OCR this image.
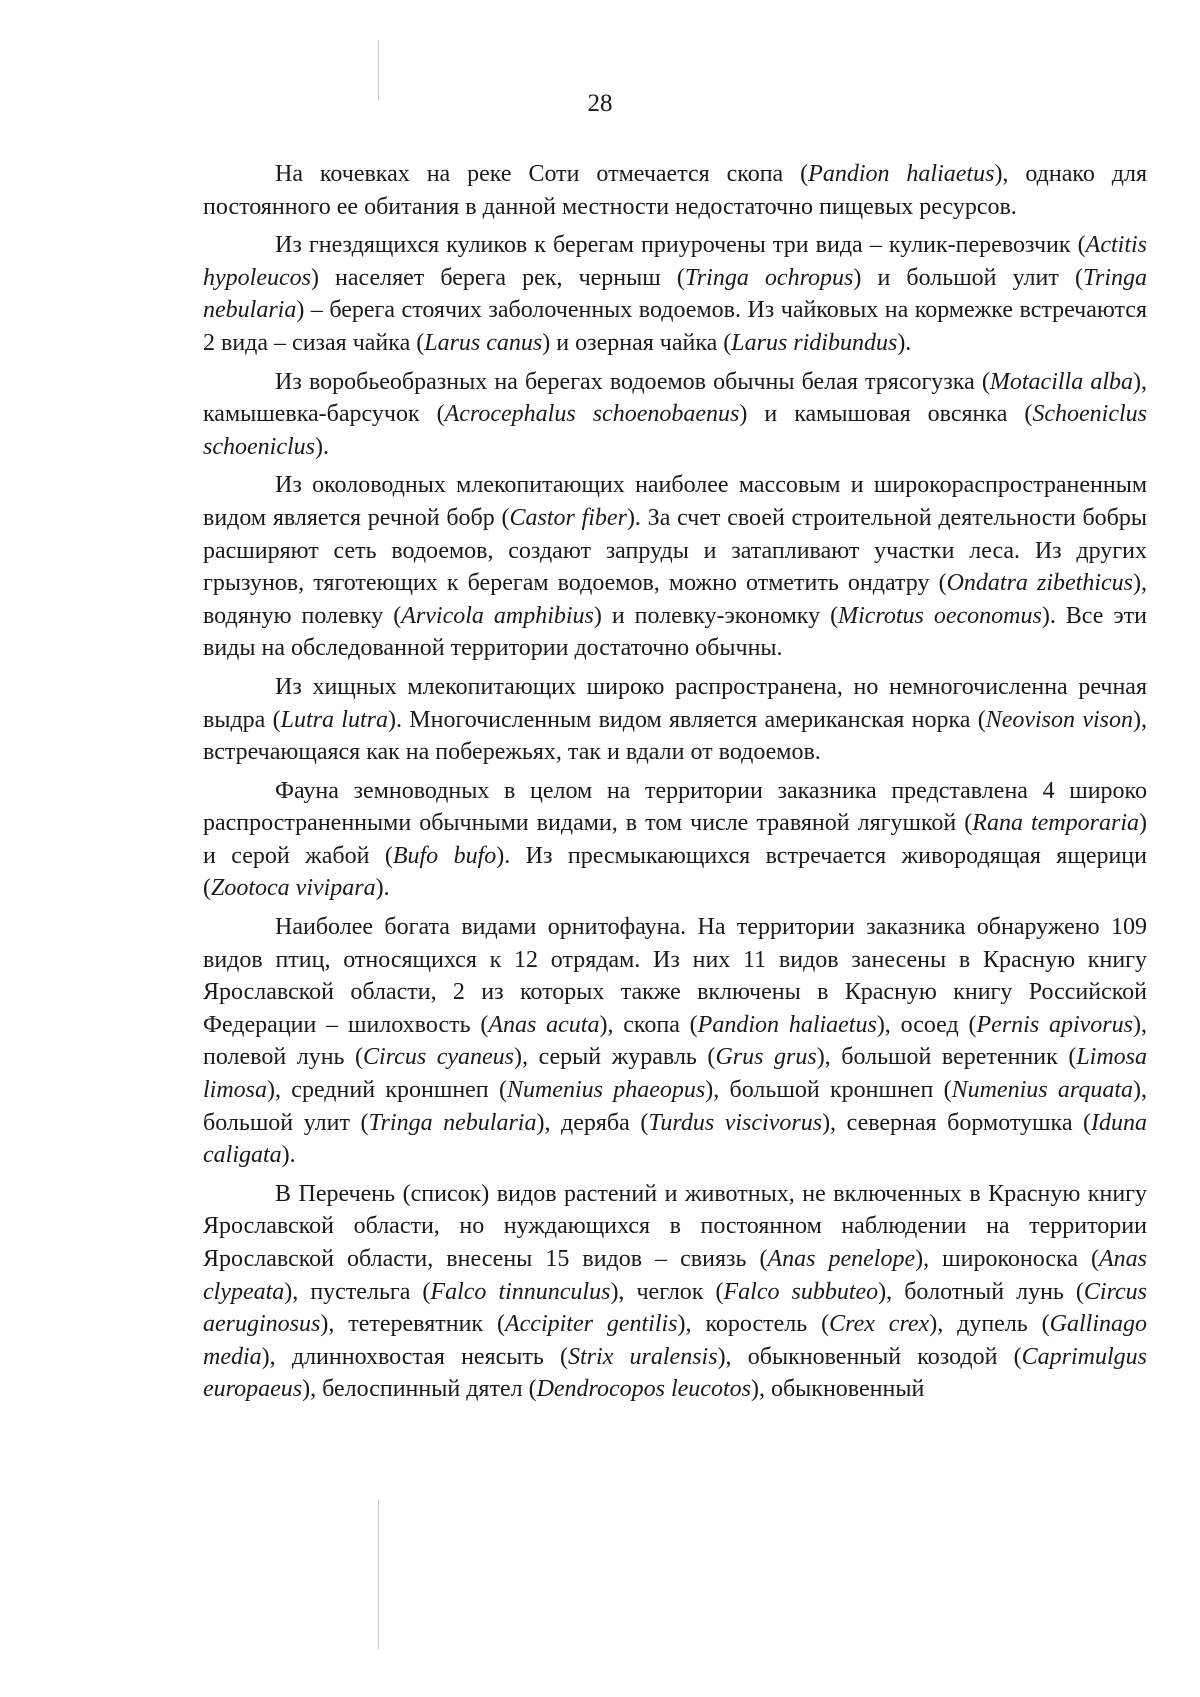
28

На кочевках на реке Соти отмечается скопа (Pandion haliaetus), однако для постоянного ее обитания в данной местности недостаточно пищевых ресурсов.

Из гнездящихся куликов к берегам приурочены три вида – кулик-перевозчик (Actitis hypoleucos) населяет берега рек, черныш (Tringa ochropus) и большой улит (Tringa nebularia) – берега стоячих заболоченных водоемов. Из чайковых на кормежке встречаются 2 вида – сизая чайка (Larus canus) и озерная чайка (Larus ridibundus).

Из воробьеобразных на берегах водоемов обычны белая трясогузка (Motacilla alba), камышевка-барсучок (Acrocephalus schoenobaenus) и камышовая овсянка (Schoeniclus schoeniclus).

Из околоводных млекопитающих наиболее массовым и широкораспространенным видом является речной бобр (Castor fiber). За счет своей строительной деятельности бобры расширяют сеть водоемов, создают запруды и затапливают участки леса. Из других грызунов, тяготеющих к берегам водоемов, можно отметить ондатру (Ondatra zibethicus), водяную полевку (Arvicola amphibius) и полевку-экономку (Microtus oeconomus). Все эти виды на обследованной территории достаточно обычны.

Из хищных млекопитающих широко распространена, но немногочисленна речная выдра (Lutra lutra). Многочисленным видом является американская норка (Neovison vison), встречающаяся как на побережьях, так и вдали от водоемов.

Фауна земноводных в целом на территории заказника представлена 4 широко распространенными обычными видами, в том числе травяной лягушкой (Rana temporaria) и серой жабой (Bufo bufo). Из пресмыкающихся встречается живородящая ящерици (Zootoca vivipara).

Наиболее богата видами орнитофауна. На территории заказника обнаружено 109 видов птиц, относящихся к 12 отрядам. Из них 11 видов занесены в Красную книгу Ярославской области, 2 из которых также включены в Красную книгу Российской Федерации – шилохвость (Anas acuta), скопа (Pandion haliaetus), осоед (Pernis apivorus), полевой лунь (Circus cyaneus), серый журавль (Grus grus), большой веретенник (Limosa limosa), средний кроншнеп (Numenius phaeopus), большой кроншнеп (Numenius arquata), большой улит (Tringa nebularia), деряба (Turdus viscivorus), северная бормотушка (Iduna caligata).

В Перечень (список) видов растений и животных, не включенных в Красную книгу Ярославской области, но нуждающихся в постоянном наблюдении на территории Ярославской области, внесены 15 видов – свиязь (Anas penelope), широконоска (Anas clypeata), пустельга (Falco tinnunculus), чеглок (Falco subbuteo), болотный лунь (Circus aeruginosus), тетеревятник (Accipiter gentilis), коростель (Crex crex), дупель (Gallinago media), длиннохвостая неясыть (Strix uralensis), обыкновенный козодой (Caprimulgus europaeus), белоспинный дятел (Dendrocopos leucotos), обыкновенный
